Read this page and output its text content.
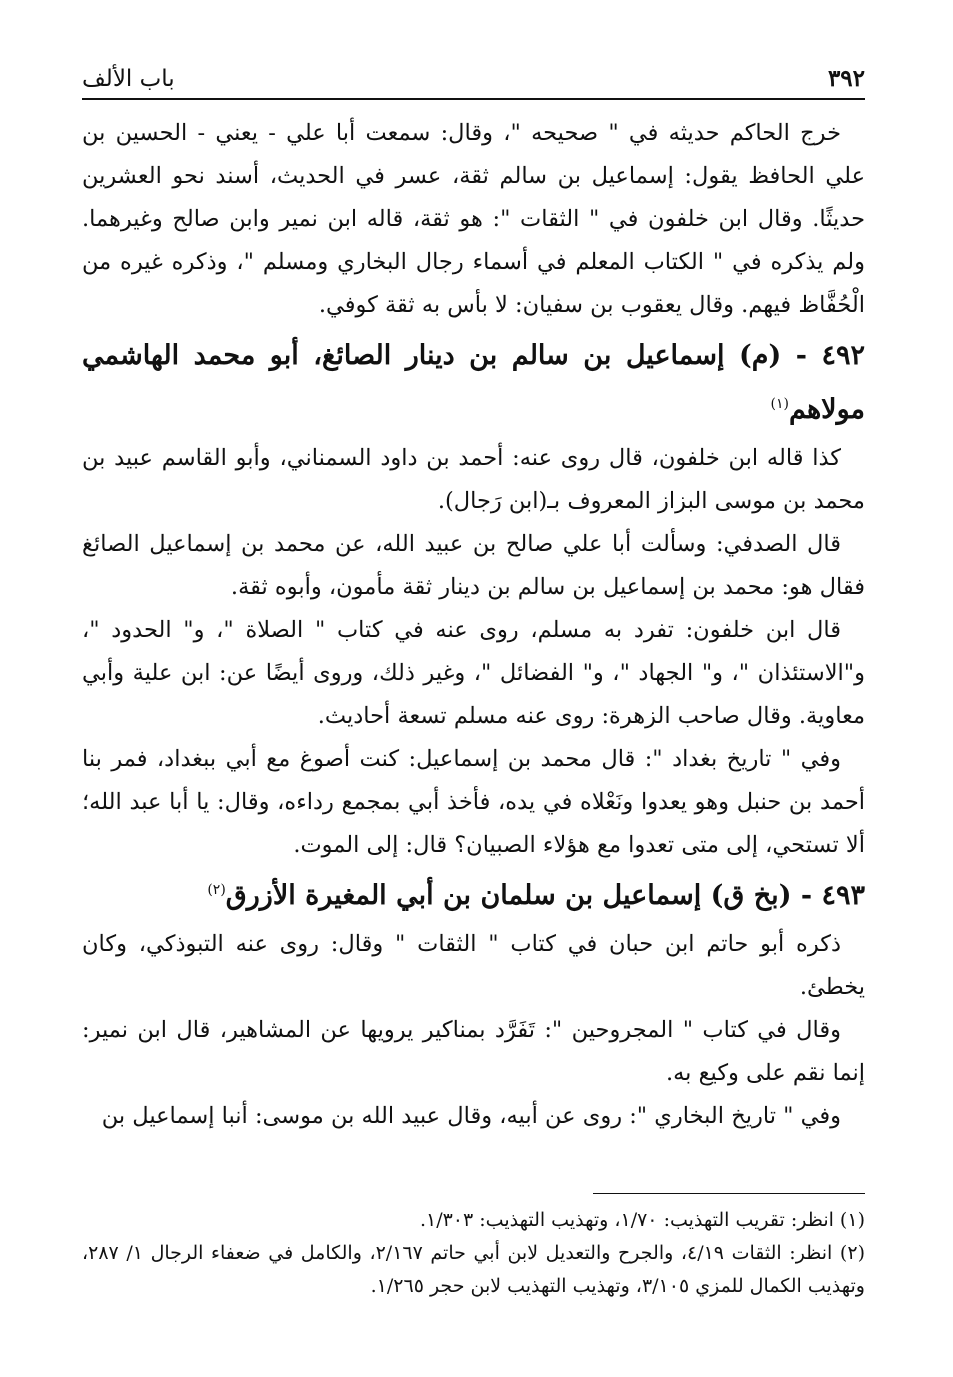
٣٩٢
باب الألف

خرج الحاكم حديثه في " صحيحه "، وقال: سمعت أبا علي - يعني - الحسين بن علي الحافظ يقول: إسماعيل بن سالم ثقة، عسر في الحديث، أسند نحو العشرين حديثًا. وقال ابن خلفون في " الثقات ": هو ثقة، قاله ابن نمير وابن صالح وغيرهما. ولم يذكره في " الكتاب المعلم في أسماء رجال البخاري ومسلم "، وذكره غيره من الْحُفَّاظ فيهم. وقال يعقوب بن سفيان: لا بأس به ثقة كوفي.

٤٩٢ - (م) إسماعيل بن سالم بن دينار الصائغ، أبو محمد الهاشمي مولاهم$^{(١)}$

كذا قاله ابن خلفون، قال روى عنه: أحمد بن داود السمناني، وأبو القاسم عبيد بن محمد بن موسى البزاز المعروف بـ(ابن رَجال).

قال الصدفي: وسألت أبا علي صالح بن عبيد الله، عن محمد بن إسماعيل الصائغ فقال هو: محمد بن إسماعيل بن سالم بن دينار ثقة مأمون، وأبوه ثقة.

قال ابن خلفون: تفرد به مسلم، روى عنه في كتاب " الصلاة "، و" الحدود "، و"الاستئذان "، و" الجهاد "، و" الفضائل "، وغير ذلك، وروى أيضًا عن: ابن علية وأبي معاوية. وقال صاحب الزهرة: روى عنه مسلم تسعة أحاديث.

وفي " تاريخ بغداد ": قال محمد بن إسماعيل: كنت أصوغ مع أبي ببغداد، فمر بنا أحمد بن حنبل وهو يعدوا ونَعْلاه في يده، فأخذ أبي بمجمع رداءه، وقال: يا أبا عبد الله؛ ألا تستحي، إلى متى تعدوا مع هؤلاء الصبيان؟ قال: إلى الموت.

٤٩٣ - (بخ ق) إسماعيل بن سلمان بن أبي المغيرة الأزرق$^{(٢)}$

ذكره أبو حاتم ابن حبان في كتاب " الثقات " وقال: روى عنه التبوذكي، وكان يخطئ.

وقال في كتاب " المجروحين ": تَفَرَّد بمناكير يرويها عن المشاهير، قال ابن نمير: إنما نقم على وكيع به.

وفي " تاريخ البخاري ": روى عن أبيه، وقال عبيد الله بن موسى: أنبا إسماعيل بن

(١) انظر: تقريب التهذيب: ١/٧٠، وتهذيب التهذيب: ١/٣٠٣.

(٢) انظر: الثقات ٤/١٩، والجرح والتعديل لابن أبي حاتم ٢/١٦٧، والكامل في ضعفاء الرجال ١/ ٢٨٧، وتهذيب الكمال للمزي ٣/١٠٥، وتهذيب التهذيب لابن حجر ١/٢٦٥.
